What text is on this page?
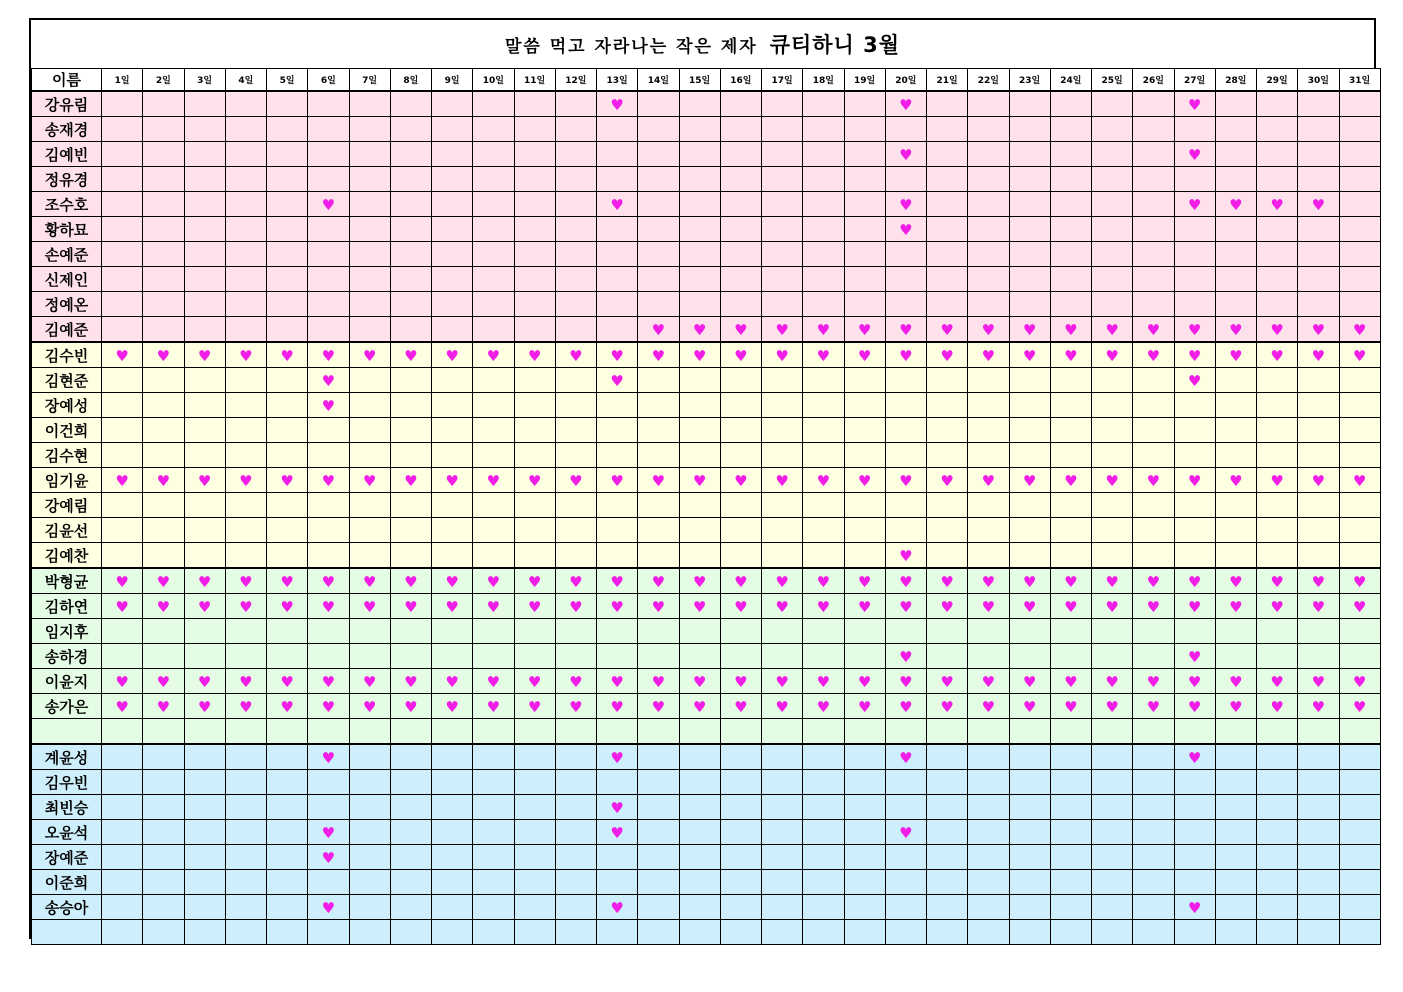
말씀 먹고 자라나는 작은 제자 큐티하니 3월
이름	1일	2일	3일	4일	5일	6일	7일	8일	9일	10일	11일	12일	13일	14일	15일	16일	17일	18일	19일	20일	21일	22일	23일	24일	25일	26일	27일	28일	29일	30일	31일
강유림													♥							♥							♥				
송재경																															
김예빈																				♥							♥				
정유경																															
조수호						♥							♥							♥							♥	♥	♥	♥	
황하묘																				♥											
손예준																															
신제인																															
정예온																															
김예준														♥	♥	♥	♥	♥	♥	♥	♥	♥	♥	♥	♥	♥	♥	♥	♥	♥	♥
김수빈	♥	♥	♥	♥	♥	♥	♥	♥	♥	♥	♥	♥	♥	♥	♥	♥	♥	♥	♥	♥	♥	♥	♥	♥	♥	♥	♥	♥	♥	♥	♥
김현준						♥							♥														♥				
장예성						♥																									
이건희																															
김수현																															
임기윤	♥	♥	♥	♥	♥	♥	♥	♥	♥	♥	♥	♥	♥	♥	♥	♥	♥	♥	♥	♥	♥	♥	♥	♥	♥	♥	♥	♥	♥	♥	♥
강예림																															
김윤선																															
김예찬																				♥											
박형균	♥	♥	♥	♥	♥	♥	♥	♥	♥	♥	♥	♥	♥	♥	♥	♥	♥	♥	♥	♥	♥	♥	♥	♥	♥	♥	♥	♥	♥	♥	♥
김하연	♥	♥	♥	♥	♥	♥	♥	♥	♥	♥	♥	♥	♥	♥	♥	♥	♥	♥	♥	♥	♥	♥	♥	♥	♥	♥	♥	♥	♥	♥	♥
임지후																															
송하경																				♥							♥				
이윤지	♥	♥	♥	♥	♥	♥	♥	♥	♥	♥	♥	♥	♥	♥	♥	♥	♥	♥	♥	♥	♥	♥	♥	♥	♥	♥	♥	♥	♥	♥	♥
송가은	♥	♥	♥	♥	♥	♥	♥	♥	♥	♥	♥	♥	♥	♥	♥	♥	♥	♥	♥	♥	♥	♥	♥	♥	♥	♥	♥	♥	♥	♥	♥

계윤성						♥							♥							♥							♥				
김우빈																															
최빈승													♥																		
오윤석						♥							♥							♥											
장예준						♥																									
이준희																															
송승아						♥							♥														♥				
